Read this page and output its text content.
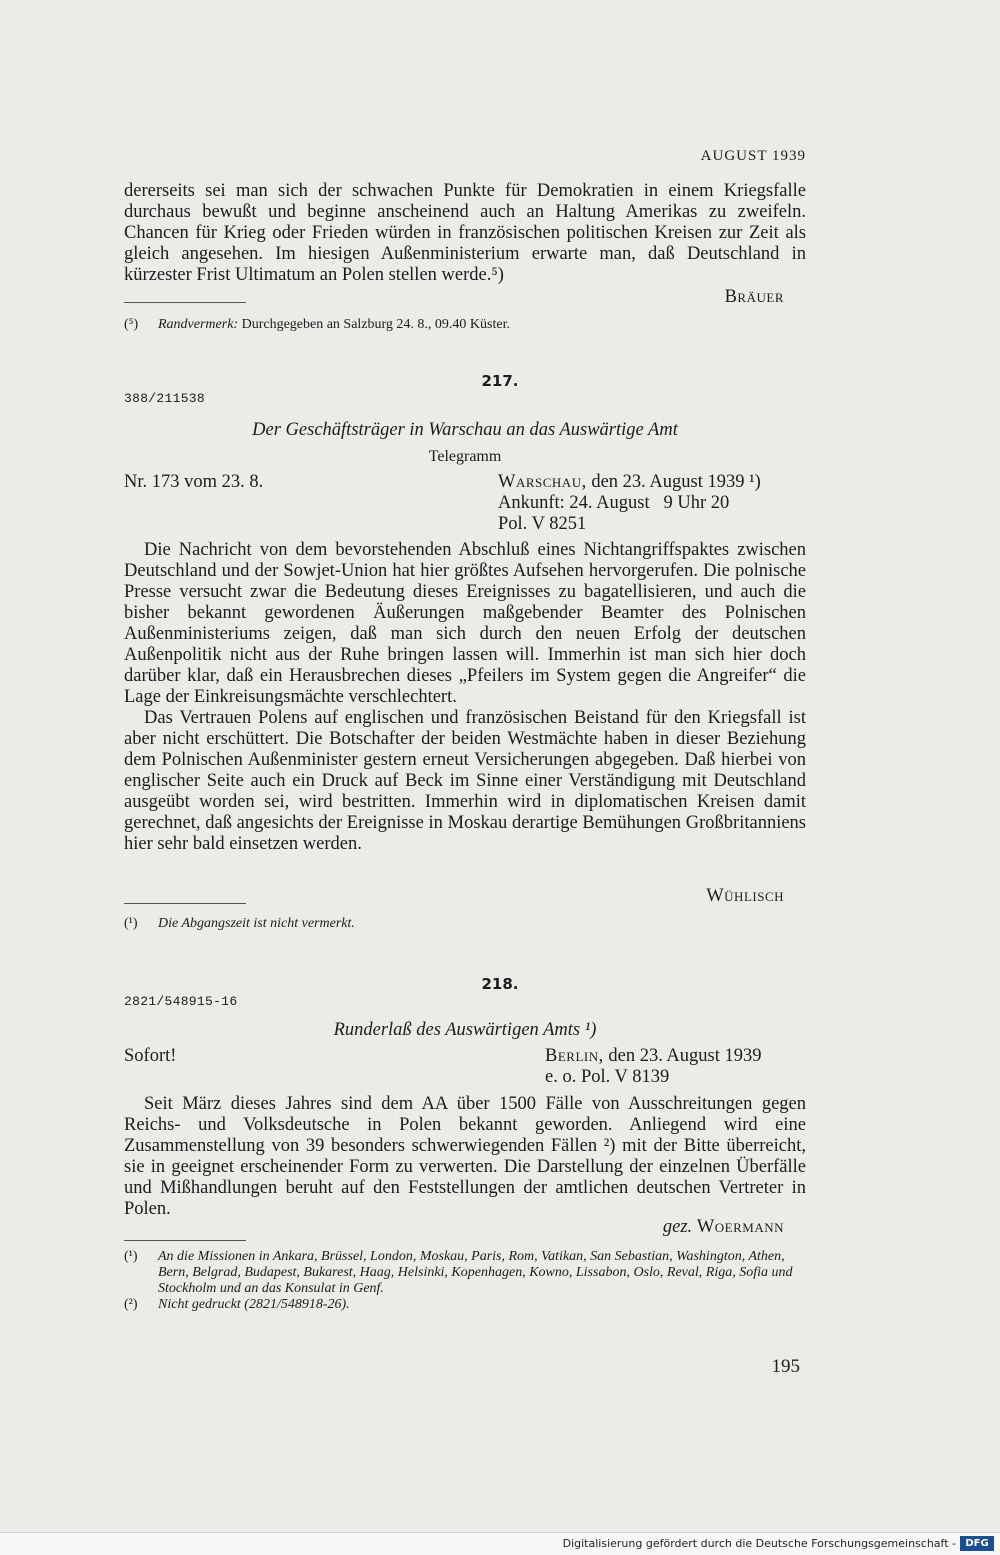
AUGUST 1939

dererseits sei man sich der schwachen Punkte für Demokratien in einem Kriegsfalle durchaus bewußt und beginne anscheinend auch an Haltung Amerikas zu zweifeln. Chancen für Krieg oder Frieden würden in französischen politischen Kreisen zur Zeit als gleich angesehen. Im hiesigen Außenministerium erwarte man, daß Deutschland in kürzester Frist Ultimatum an Polen stellen werde.⁵)

Bräuer
(⁵)	Randvermerk: Durchgegeben an Salzburg 24. 8., 09.40 Küster.
217.
388/211538
Der Geschäftsträger in Warschau an das Auswärtige Amt
Telegramm
Nr. 173 vom 23. 8.	Warschau, den 23. August 1939 ¹)
Ankunft: 24. August   9 Uhr 20
Pol. V 8251

Die Nachricht von dem bevorstehenden Abschluß eines Nichtangriffspaktes zwischen Deutschland und der Sowjet-Union hat hier größtes Aufsehen hervorgerufen. Die polnische Presse versucht zwar die Bedeutung dieses Ereignisses zu bagatellisieren, und auch die bisher bekannt gewordenen Äußerungen maßgebender Beamter des Polnischen Außenministeriums zeigen, daß man sich durch den neuen Erfolg der deutschen Außenpolitik nicht aus der Ruhe bringen lassen will. Immerhin ist man sich hier doch darüber klar, daß ein Herausbrechen dieses „Pfeilers im System gegen die Angreifer“ die Lage der Einkreisungsmächte verschlechtert.

Das Vertrauen Polens auf englischen und französischen Beistand für den Kriegsfall ist aber nicht erschüttert. Die Botschafter der beiden Westmächte haben in dieser Beziehung dem Polnischen Außenminister gestern erneut Versicherungen abgegeben. Daß hierbei von englischer Seite auch ein Druck auf Beck im Sinne einer Verständigung mit Deutschland ausgeübt worden sei, wird bestritten. Immerhin wird in diplomatischen Kreisen damit gerechnet, daß angesichts der Ereignisse in Moskau derartige Bemühungen Großbritanniens hier sehr bald einsetzen werden.

Wühlisch
(¹)	Die Abgangszeit ist nicht vermerkt.
218.
2821/548915-16
Runderlaß des Auswärtigen Amts ¹)
Sofort!	Berlin, den 23. August 1939
e. o. Pol. V 8139

Seit März dieses Jahres sind dem AA über 1500 Fälle von Ausschreitungen gegen Reichs- und Volksdeutsche in Polen bekannt geworden. Anliegend wird eine Zusammenstellung von 39 besonders schwerwiegenden Fällen ²) mit der Bitte überreicht, sie in geeignet erscheinender Form zu verwerten. Die Darstellung der einzelnen Überfälle und Mißhandlungen beruht auf den Feststellungen der amtlichen deutschen Vertreter in Polen.

gez. Woermann
(¹)	An die Missionen in Ankara, Brüssel, London, Moskau, Paris, Rom, Vatikan, San Sebastian, Washington, Athen, Bern, Belgrad, Budapest, Bukarest, Haag, Helsinki, Kopenhagen, Kowno, Lissabon, Oslo, Reval, Riga, Sofia und Stockholm und an das Konsulat in Genf.
(²)	Nicht gedruckt (2821/548918-26).
195
Digitalisierung gefördert durch die Deutsche Forschungsgemeinschaft - DFG
